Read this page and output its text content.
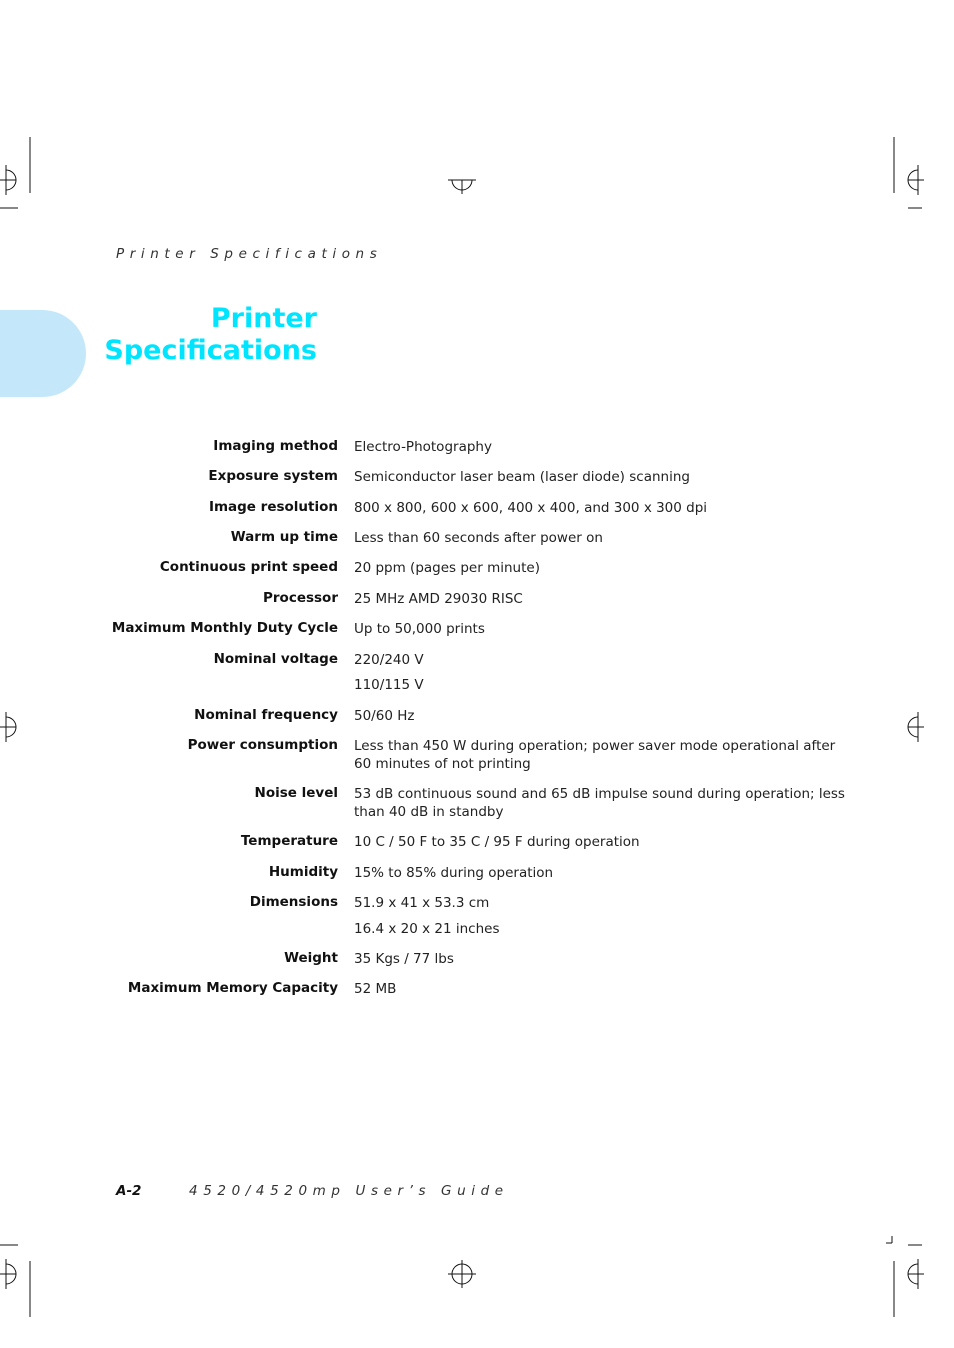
Printer Specifications
Printer
Specifications
Imaging method Electro-Photography
Exposure system Semiconductor laser beam (laser diode) scanning
Image resolution 800 x 800, 600 x 600, 400 x 400, and 300 x 300 dpi
Warm up time Less than 60 seconds after power on
Continuous print speed 20 ppm (pages per minute)
Processor 25 MHz AMD 29030 RISC
Maximum Monthly Duty Cycle Up to 50,000 prints
Nominal voltage 220/240 V
110/115 V
Nominal frequency 50/60 Hz
Power consumption Less than 450 W during operation; power saver mode operational after
60 minutes of not printing
Noise level 53 dB continuous sound and 65 dB impulse sound during operation; less
than 40 dB in standby
Temperature 10 C / 50 F to 35 C / 95 F during operation
Humidity 15% to 85% during operation
Dimensions 51.9 x 41 x 53.3 cm
16.4 x 20 x 21 inches
Weight 35 Kgs / 77 lbs
Maximum Memory Capacity 52 MB
A-2	4520/4520mp User’s Guide
